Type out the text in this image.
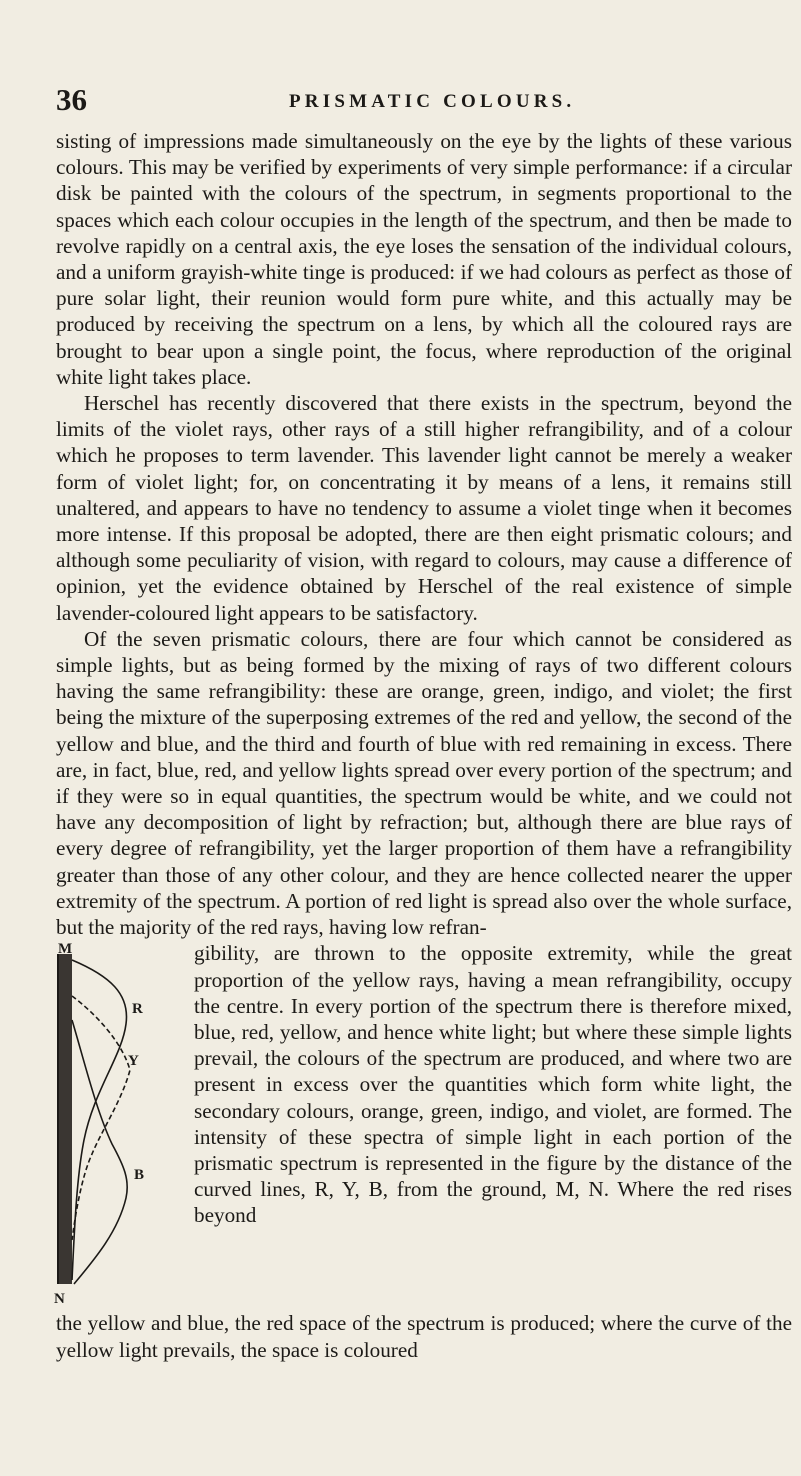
36	PRISMATIC COLOURS.

sisting of impressions made simultaneously on the eye by the lights of these various colours. This may be verified by experiments of very simple performance: if a circular disk be painted with the colours of the spectrum, in segments proportional to the spaces which each colour occupies in the length of the spectrum, and then be made to revolve rapidly on a central axis, the eye loses the sensation of the individual colours, and a uniform grayish-white tinge is produced: if we had colours as perfect as those of pure solar light, their reunion would form pure white, and this actually may be produced by receiving the spectrum on a lens, by which all the coloured rays are brought to bear upon a single point, the focus, where reproduction of the original white light takes place.

Herschel has recently discovered that there exists in the spectrum, beyond the limits of the violet rays, other rays of a still higher refrangibility, and of a colour which he proposes to term lavender. This lavender light cannot be merely a weaker form of violet light; for, on concentrating it by means of a lens, it remains still unaltered, and appears to have no tendency to assume a violet tinge when it becomes more intense. If this proposal be adopted, there are then eight prismatic colours; and although some peculiarity of vision, with regard to colours, may cause a difference of opinion, yet the evidence obtained by Herschel of the real existence of simple lavender-coloured light appears to be satisfactory.

Of the seven prismatic colours, there are four which cannot be considered as simple lights, but as being formed by the mixing of rays of two different colours having the same refrangibility: these are orange, green, indigo, and violet; the first being the mixture of the superposing extremes of the red and yellow, the second of the yellow and blue, and the third and fourth of blue with red remaining in excess. There are, in fact, blue, red, and yellow lights spread over every portion of the spectrum; and if they were so in equal quantities, the spectrum would be white, and we could not have any decomposition of light by refraction; but, although there are blue rays of every degree of refrangibility, yet the larger proportion of them have a refrangibility greater than those of any other colour, and they are hence collected nearer the upper extremity of the spectrum. A portion of red light is spread also over the whole surface, but the majority of the red rays, having low refran-

M
R
Y
B
N

gibility, are thrown to the opposite extremity, while the great proportion of the yellow rays, having a mean refrangibility, occupy the centre. In every portion of the spectrum there is therefore mixed, blue, red, yellow, and hence white light; but where these simple lights prevail, the colours of the spectrum are produced, and where two are present in excess over the quantities which form white light, the secondary colours, orange, green, indigo, and violet, are formed. The intensity of these spectra of simple light in each portion of the prismatic spectrum is represented in the figure by the distance of the curved lines, R, Y, B, from the ground, M, N. Where the red rises beyond

the yellow and blue, the red space of the spectrum is produced; where the curve of the yellow light prevails, the space is coloured
